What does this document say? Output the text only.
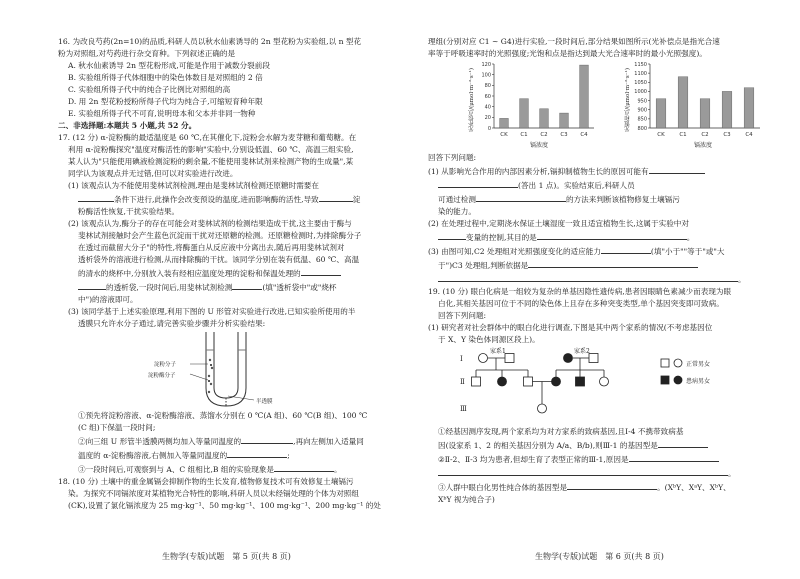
16. 为改良芍药(2n=10)的品质,科研人员以秋水仙素诱导的 2n 型花粉为实验组,以 n 型花
粉为对照组,对芍药进行杂交育种。下列叙述正确的是
A. 秋水仙素诱导 2n 型花粉形成,可能是作用于减数分裂前段
B. 实验组所得子代体细胞中的染色体数目是对照组的 2 倍
C. 实验组所得子代中的纯合子比例比对照组的高
D. 用 2n 型花粉授粉所得子代均为纯合子,可缩短育种年限
E. 实验组所得子代不可育,说明母本和父本并非同一物种
二、非选择题:本题共 5 小题,共 52 分。
17. (12 分) α-淀粉酶的最适温度是 60 ℃,在其催化下,淀粉会水解为麦芽糖和葡萄糖。在
利用 α-淀粉酶探究"温度对酶活性的影响"实验中,分别设低温、60 ℃、高温三组实验,
某人认为"只能使用碘液检测淀粉的剩余量,不能使用斐林试剂来检测产物的生成量",某
同学认为该观点并无过错,但可以对实验进行改进。
(1) 该观点认为不能使用斐林试剂检测,理由是斐林试剂检测还原糖时需要在
条件下进行,此操作会改变预设的温度,进而影响酶的活性,导致	淀
粉酶活性恢复,干扰实验结果。
(2) 该观点认为,酶分子的存在可能会对斐林试剂的检测结果造成干扰,这主要由于酶与
斐林试剂接触时会产生蓝色沉淀而干扰对还原糖的检测。还原糖检测时,为排除酶分子
在透过而截留大分子"的特性,将酶蛋白从反应液中分离出去,随后再用斐林试剂对
透析袋外的溶液进行检测,从而排除酶的干扰。该同学分别在装有低温、60 ℃、高温
的清水的烧杯中,分别放入装有经相应温度处理的淀粉和保温处理的
的透析袋,一段时间后,用斐林试剂检测	(填"透析袋中"或"烧杯
中")的溶液即可。
(3) 该同学基于上述实验原理,利用下图的 U 形管对实验进行改进,已知实验所使用的半
透膜只允许水分子通过,请完善实验步骤并分析实验结果:
淀粉分子
淀粉酶分子
半透膜
①预先将淀粉溶液、α-淀粉酶溶液、蒸馏水分别在 0 ℃(A 组)、60 ℃(B 组)、100 ℃
(C 组)下保温一段时间;
②向三组 U 形管半透膜两侧均加入等量同温度的	,再向左侧加入适量同
温度的 α-淀粉酶溶液,右侧加入等量同温度的	;
③一段时间后,可观察到与 A、C 组相比,B 组的实验现象是	。
18. (10 分) 土壤中的重金属镉会抑制作物的生长发育,植物修复技术可有效修复土壤镉污
染。为探究不同镉浓度对某植物光合特性的影响,科研人员以未经镉处理的个体为对照组
(CK),设置了氯化镉浓度为 25 mg·kg⁻¹、50 mg·kg⁻¹、100 mg·kg⁻¹、200 mg·kg⁻¹ 的处
生物学(专版)试题　第 5 页(共 8 页)
理组(分别对应 C1 ~ G4)进行实验,一段时间后,部分结果如图所示(光补偿点是指光合速
率等于呼吸速率时的光照强度;光饱和点是指达到最大光合速率时的最小光照强度)。
光补偿点/(μmol·m⁻²·s⁻¹)	0
20
40
60
80
100
120
CK C1 C2 C3 C4
镉浓度
光饱和点/(μmol·m⁻²·s⁻¹)	800
850
900
950
1000
1050
1100
1150
CK	C1	C2	C3	C4
镉浓度
回答下列问题:
(1) 从影响光合作用的内部因素分析,镉抑制植物生长的原因可能有
(答出 1 点)。实验结束后,科研人员
可通过检测	的方法来判断该植物修复土壤镉污
染的能力。
(2) 在处理过程中,定期浇水保证土壤湿度一致且适宜植物生长,这属于实验中对
变量的控制,其目的是	。
(3) 由图可知,C2 处理组对光照强度变化的适应能力	(填"小于""等于"或"大
于")C3 处理组,判断依据是
。
19. (10 分) 眼白化病是一组较为复杂的单基因隐性遗传病,患者因眼睛色素减少而表现为眼
白化,其相关基因可位于不同的染色体上且存在多种突变类型,单个基因突变即可致病。
回答下列问题:
(1) 研究者对社会群体中的眼白化进行调查,下图是其中两个家系的情况(不考虑基因位
于 X、Y 染色体同源区段上)。
家系1	家系2
Ⅰ
Ⅱ
Ⅲ
正常男女
患病男女
①经基因测序发现,两个家系均为对方家系的致病基因,且Ⅰ-4 不携带致病基
因(设家系 1、2 的相关基因分别为 A/a、B/b),则Ⅲ-1 的基因型是
②Ⅱ-2、Ⅱ-3 均为患者,但却生育了表型正常的Ⅲ-1,原因是
。
③人群中眼白化男性纯合体的基因型是	。(XᵇY、XᵃY、XᵇY、
XᵇY 视为纯合子)
生物学(专版)试题　第 6 页(共 8 页)
